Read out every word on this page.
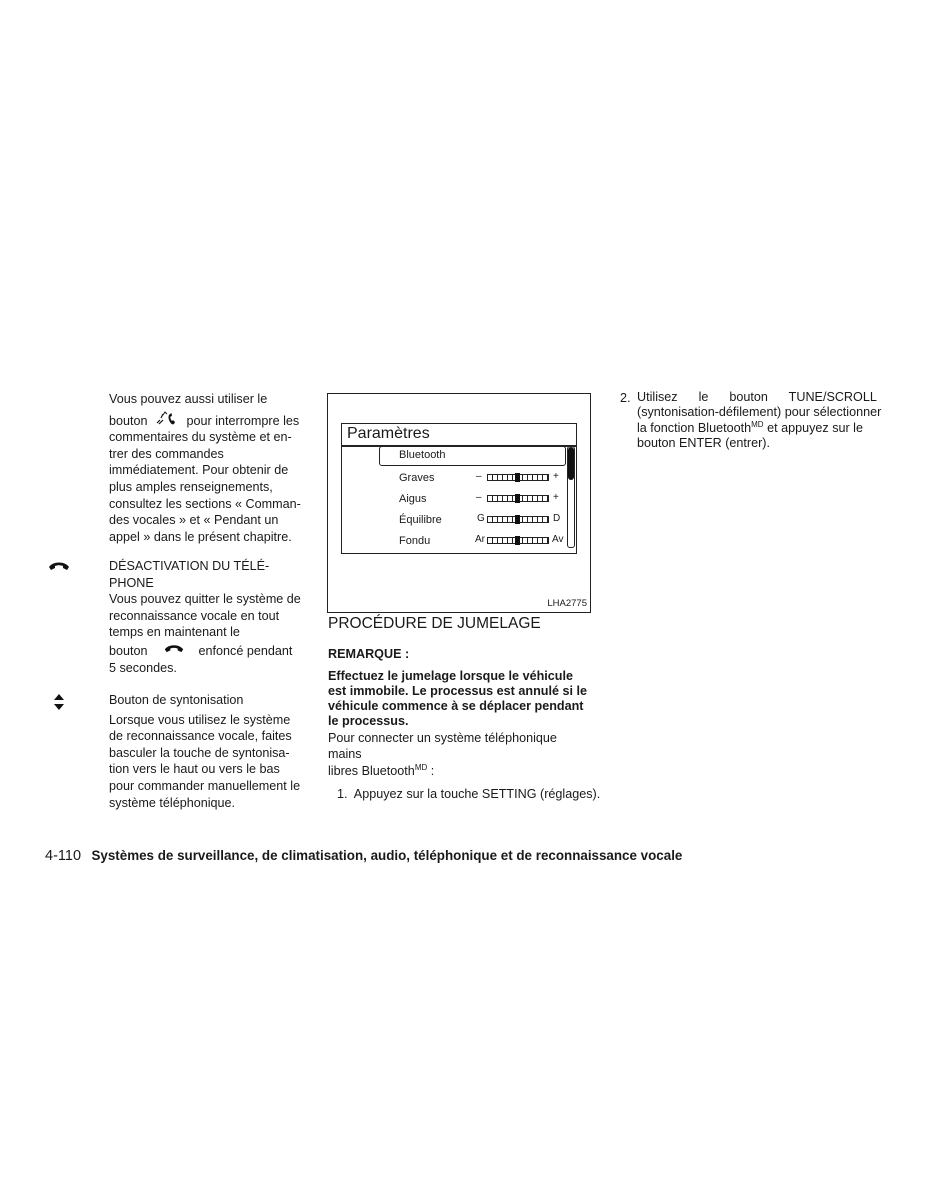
Vous pouvez aussi utiliser le
bouton	pour interrompre les
commentaires du système et en-
trer des commandes
immédiatement. Pour obtenir de
plus amples renseignements,
consultez les sections « Comman-
des vocales » et « Pendant un
appel » dans le présent chapitre.
DÉSACTIVATION DU TÉLÉ-
PHONE
Vous pouvez quitter le système de
reconnaissance vocale en tout
temps en maintenant le
bouton	enfoncé pendant
5 secondes.
Bouton de syntonisation
Lorsque vous utilisez le système
de reconnaissance vocale, faites
basculer la touche de syntonisa-
tion vers le haut ou vers le bas
pour commander manuellement le
système téléphonique.
Paramètres
Bluetooth
Graves	–	+
Aigus	–	+
Équilibre	G	D
Fondu	Ar	Av
LHA2775
PROCÉDURE DE JUMELAGE
REMARQUE :
Effectuez le jumelage lorsque le véhicule
est immobile. Le processus est annulé si le
véhicule commence à se déplacer pendant
le processus.
Pour connecter un système téléphonique mains
libres Bluetooth$^{MD}$ :
1.  Appuyez sur la touche SETTING (réglages).
2. Utilisez      le      bouton      TUNE/SCROLL
(syntonisation-défilement) pour sélectionner
la fonction Bluetooth$^{MD}$ et appuyez sur le
bouton ENTER (entrer).
4-110 Systèmes de surveillance, de climatisation, audio, téléphonique et de reconnaissance vocale
